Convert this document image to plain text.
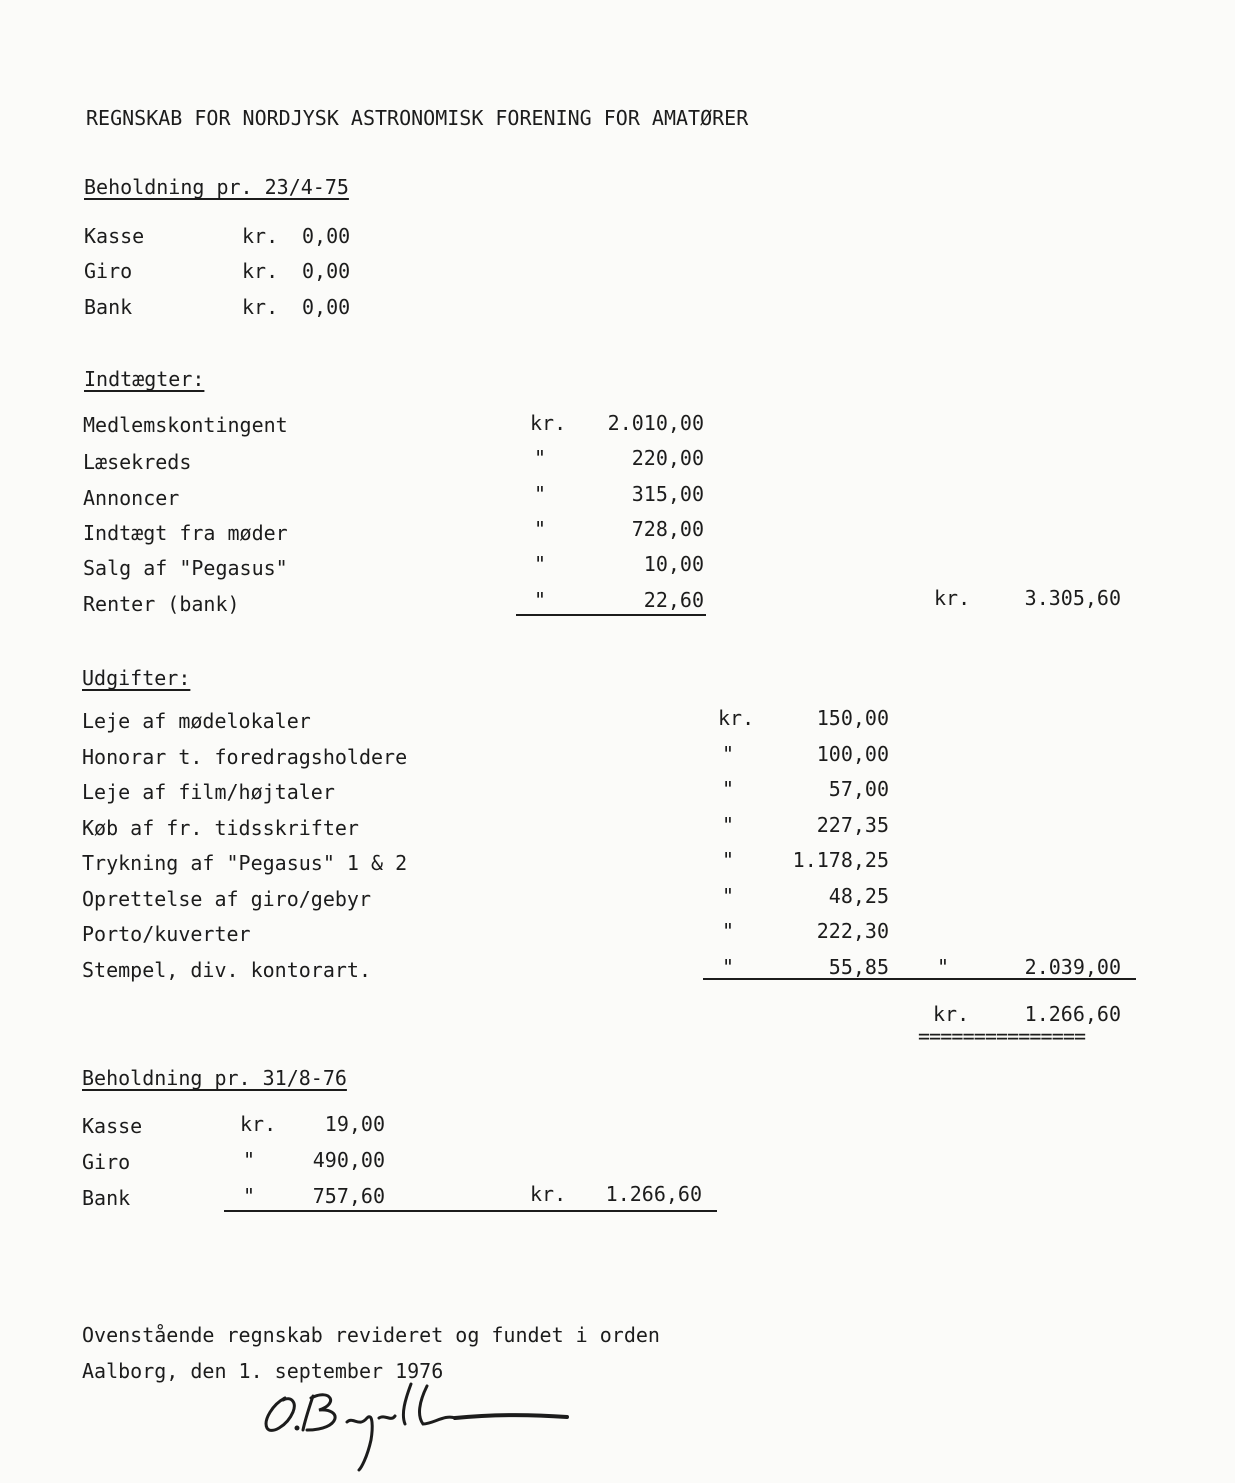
REGNSKAB FOR NORDJYSK ASTRONOMISK FORENING FOR AMATØRER
Beholdning pr. 23/4-75
Kasse	kr. 0,00
Giro	kr. 0,00
Bank	kr. 0,00
Indtægter:
Medlemskontingent	kr.	2.010,00
Læsekreds	"	220,00
Annoncer	"	315,00
Indtægt fra møder	"	728,00
Salg af "Pegasus"	"	10,00
Renter (bank)	"	22,60	kr.	3.305,60
Udgifter:
Leje af mødelokaler	kr.	150,00
Honorar t. foredragsholdere	"	100,00
Leje af film/højtaler	"	57,00
Køb af fr. tidsskrifter	"	227,35
Trykning af "Pegasus" 1 & 2	"	1.178,25
Oprettelse af giro/gebyr	"	48,25
Porto/kuverter	"	222,30
Stempel, div. kontorart.	"	55,85 "	2.039,00
kr.	1.266,60
===============
Beholdning pr. 31/8-76
Kasse	kr.	19,00
Giro	"	490,00
Bank	"	757,60	kr.	1.266,60
Ovenstående regnskab revideret og fundet i orden
Aalborg, den 1. september 1976
